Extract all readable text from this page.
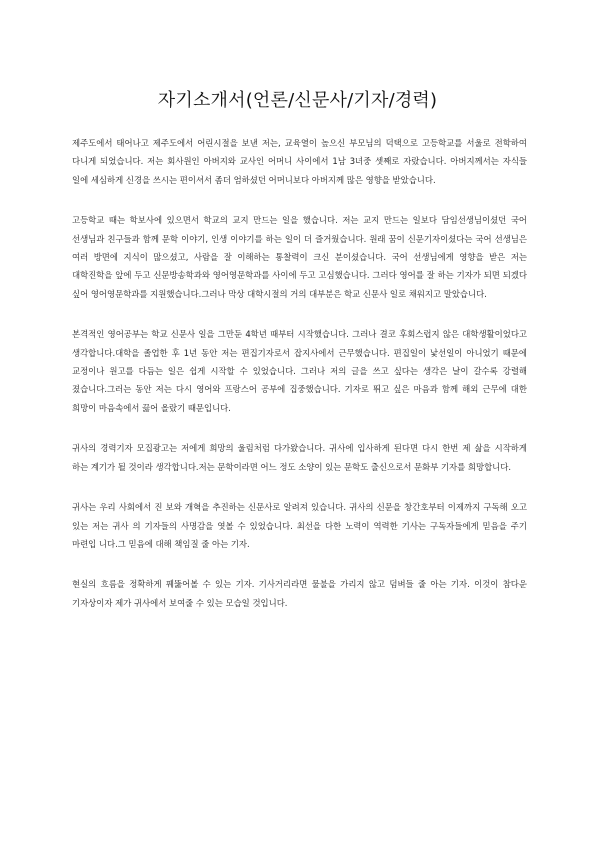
자기소개서(언론/신문사/기자/경력)

제주도에서 태어나고 제주도에서 어린시절을 보낸 저는, 교육열이 높으신 부모님의 덕택으로 고등학교를 서울로 전학하여 다니게 되었습니다. 저는 회사원인 아버지와 교사인 어머니 사이에서 1남 3녀중 셋째로 자랐습니다. 아버지께서는 자식들 일에 세심하게 신경을 쓰시는 편이셔서 좀더 엄하셨던 어머니보다 아버지께 많은 영향을 받았습니다.

고등학교 때는 학보사에 있으면서 학교의 교지 만드는 일을 했습니다. 저는 교지 만드는 일보다 담임선생님이셨던 국어 선생님과 친구들과 함께 문학 이야기, 인생 이야기를 하는 일이 더 즐거웠습니다. 원래 꿈이 신문기자이셨다는 국어 선생님은 여러 방면에 지식이 많으셨고, 사람을 잘 이해하는 통찰력이 크신 분이셨습니다. 국어 선생님에게 영향을 받은 저는 대학진학을 앞에 두고 신문방송학과와 영어영문학과를 사이에 두고 고심했습니다. 그러다 영어를 잘 하는 기자가 되면 되겠다 싶어 영어영문학과를 지원했습니다.그러나 막상 대학시절의 거의 대부분은 학교 신문사 일로 채워지고 말았습니다.

본격적인 영어공부는 학교 신문사 일을 그만둔 4학년 때부터 시작했습니다. 그러나 결코 후회스럽지 않은 대학생활이었다고 생각합니다.대학을 졸업한 후 1년 동안 저는 편집기자로서 잡지사에서 근무했습니다. 편집일이 낯선일이 아니었기 때문에 교정이나 원고를 다듬는 일은 쉽게 시작할 수 있었습니다. 그러나 저의 글을 쓰고 싶다는 생각은 날이 갈수록 강렬해 졌습니다.그러는 동안 저는 다시 영어와 프랑스어 공부에 집중했습니다. 기자로 뛰고 싶은 마음과 함께 해외 근무에 대한 희망이 마음속에서 끓어 올랐기 때문입니다.

귀사의 경력기자 모집광고는 저에게 희망의 울림처럼 다가왔습니다. 귀사에 입사하게 된다면 다시 한번 제 삶을 시작하게 하는 계기가 될 것이라 생각합니다.저는 문학이라면 어느 정도 소양이 있는 문학도 출신으로서 문화부 기자를 희망합니다.

귀사는 우리 사회에서 진 보와 개혁을 추진하는 신문사로 알려져 있습니다. 귀사의 신문을 창간호부터 이제까지 구독해 오고 있는 저는 귀사 의 기자들의 사명감을 엿볼 수 있었습니다. 최선을 다한 노력이 역력한 기사는 구독자들에게 믿음을 주기 마련입 니다.그 믿음에 대해 책임질 줄 아는 기자.

현실의 흐름을 정확하게 꿰뚫어볼 수 있는 기자. 기사거리라면 물불을 가리지 않고 덤벼들 줄 아는 기자. 이것이 참다운 기자상이자 제가 귀사에서 보여줄 수 있는 모습일 것입니다.
